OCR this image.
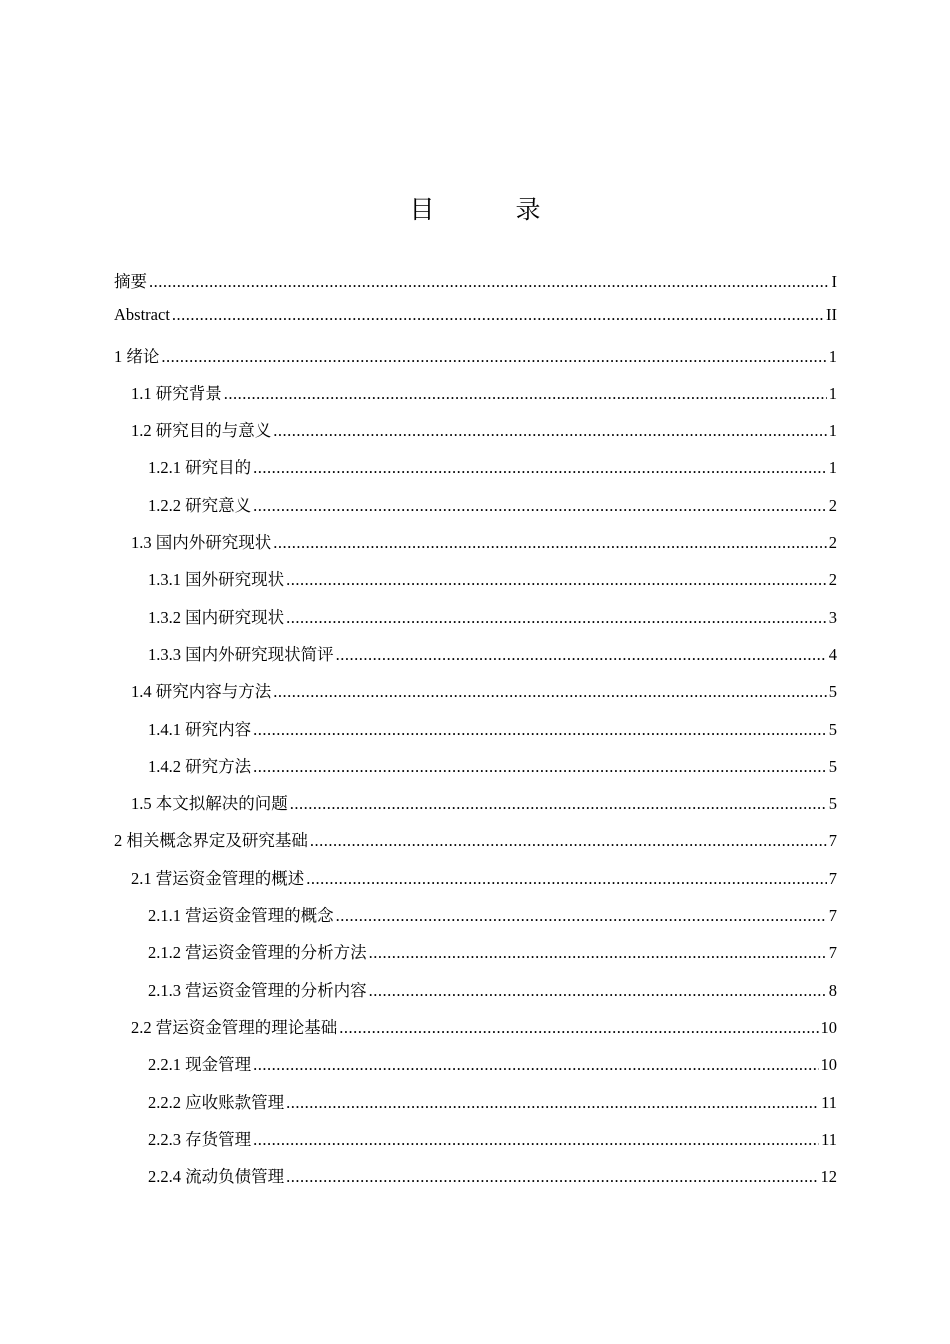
目　录
摘要 .....	I
Abstract .....	II
1 绪论 .....	1
1.1 研究背景 .....	1
1.2 研究目的与意义 .....	1
1.2.1 研究目的 .....	1
1.2.2 研究意义 .....	2
1.3 国内外研究现状 .....	2
1.3.1 国外研究现状 .....	2
1.3.2 国内研究现状 .....	3
1.3.3 国内外研究现状简评 .....	4
1.4 研究内容与方法 .....	5
1.4.1 研究内容 .....	5
1.4.2 研究方法 .....	5
1.5 本文拟解决的问题 .....	5
2 相关概念界定及研究基础 .....	7
2.1 营运资金管理的概述 .....	7
2.1.1 营运资金管理的概念 .....	7
2.1.2 营运资金管理的分析方法 .....	7
2.1.3 营运资金管理的分析内容 .....	8
2.2 营运资金管理的理论基础 .....	10
2.2.1 现金管理 .....	10
2.2.2 应收账款管理 .....	11
2.2.3 存货管理 .....	11
2.2.4 流动负债管理 .....	12
